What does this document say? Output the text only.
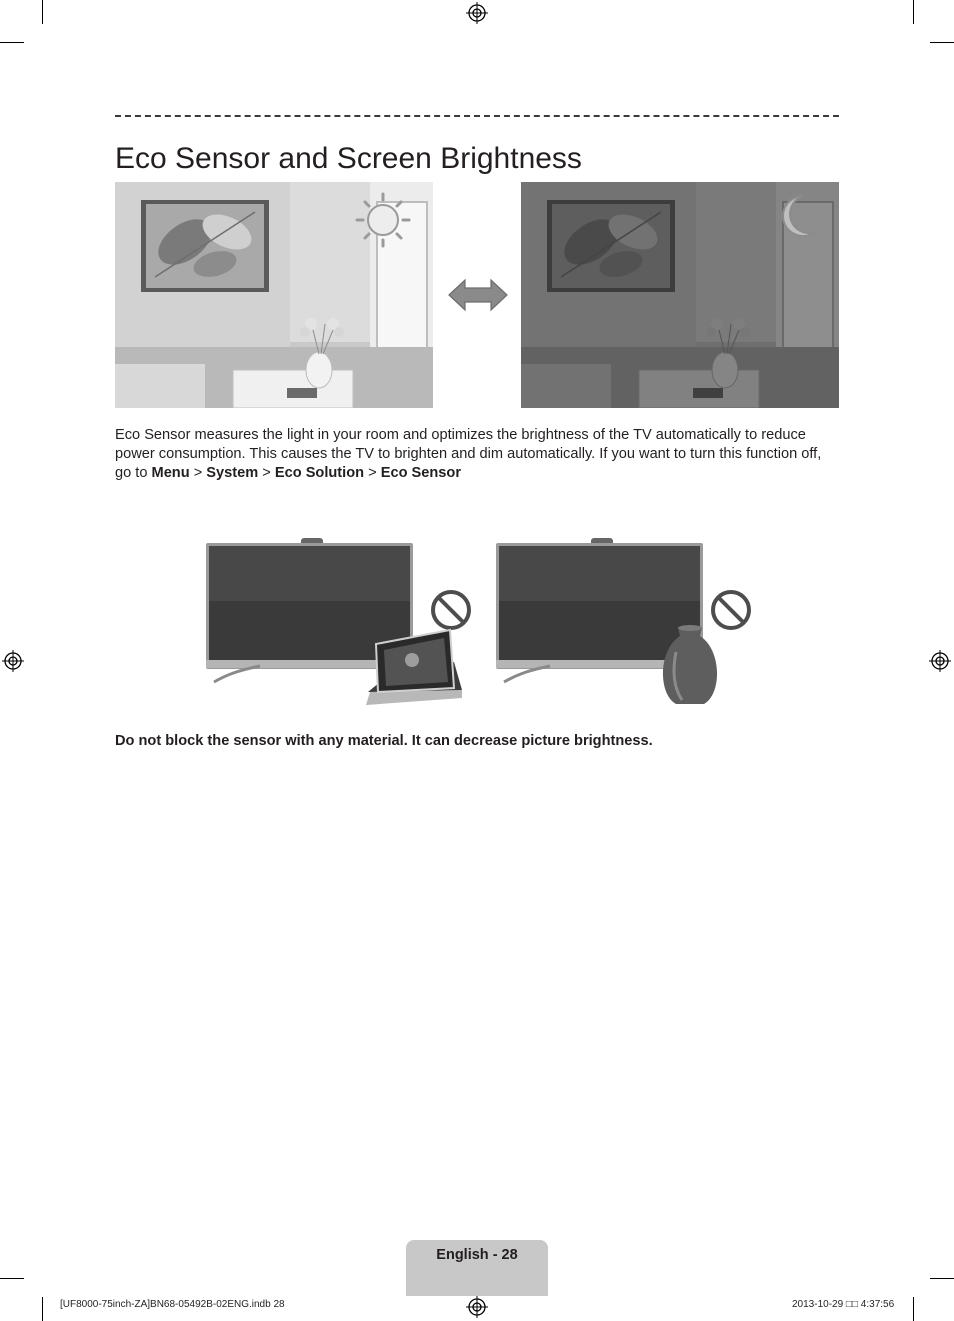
Eco Sensor and Screen Brightness
Eco Sensor measures the light in your room and optimizes the brightness of the TV automatically to reduce power consumption. This causes the TV to brighten and dim automatically. If you want to turn this function off, go to Menu > System > Eco Solution > Eco Sensor
Do not block the sensor with any material. It can decrease picture brightness.
English - 28
[UF8000-75inch-ZA]BN68-05492B-02ENG.indb 28	2013-10-29 □□ 4:37:56
